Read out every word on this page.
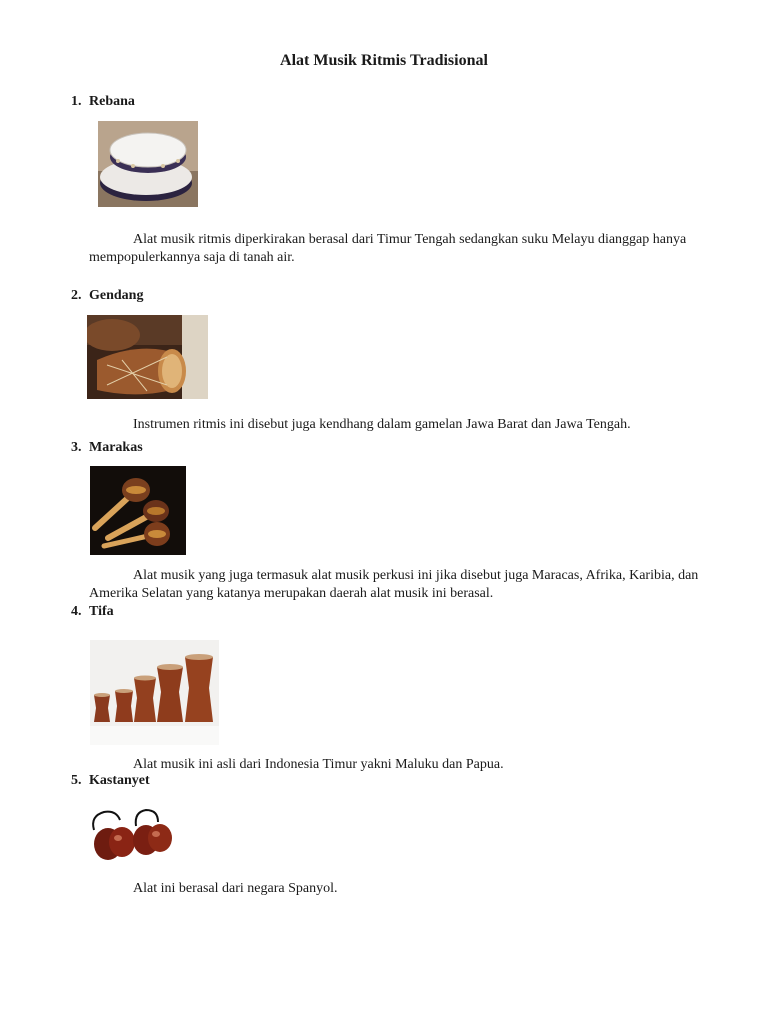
Alat Musik Ritmis Tradisional
1. Rebana
Alat musik ritmis diperkirakan berasal dari Timur Tengah sedangkan suku Melayu dianggap hanya mempopulerkannya saja di tanah air.
2. Gendang
Instrumen ritmis ini disebut juga kendhang dalam gamelan Jawa Barat dan Jawa Tengah.
3. Marakas
Alat musik yang juga termasuk alat musik perkusi ini jika disebut juga Maracas, Afrika, Karibia, dan Amerika Selatan yang katanya merupakan daerah alat musik ini berasal.
4. Tifa
Alat musik ini asli dari Indonesia Timur yakni Maluku dan Papua.
5. Kastanyet
Alat ini berasal dari negara Spanyol.
